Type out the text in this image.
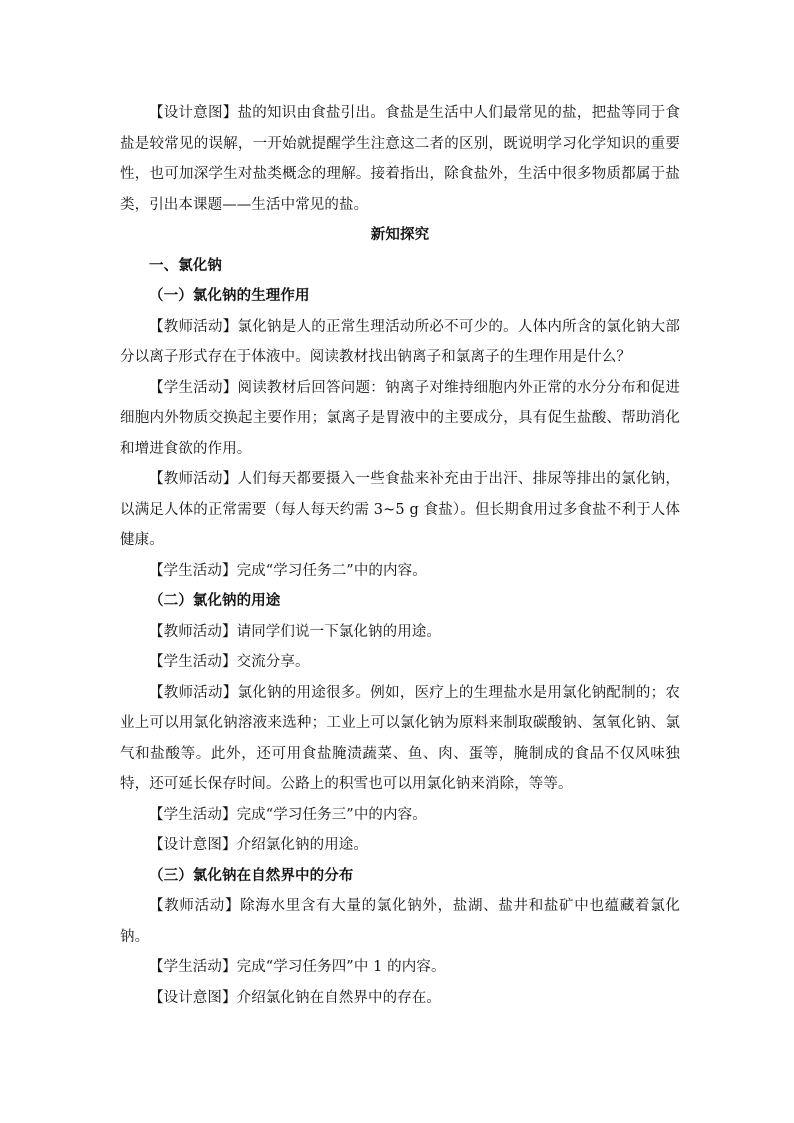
【设计意图】盐的知识由食盐引出。食盐是生活中人们最常见的盐，把盐等同于食盐是较常见的误解，一开始就提醒学生注意这二者的区别，既说明学习化学知识的重要性，也可加深学生对盐类概念的理解。接着指出，除食盐外，生活中很多物质都属于盐类，引出本课题——生活中常见的盐。

新知探究

一、氯化钠

（一）氯化钠的生理作用

【教师活动】氯化钠是人的正常生理活动所必不可少的。人体内所含的氯化钠大部分以离子形式存在于体液中。阅读教材找出钠离子和氯离子的生理作用是什么？

【学生活动】阅读教材后回答问题：钠离子对维持细胞内外正常的水分分布和促进细胞内外物质交换起主要作用；氯离子是胃液中的主要成分，具有促生盐酸、帮助消化和增进食欲的作用。

【教师活动】人们每天都要摄入一些食盐来补充由于出汗、排尿等排出的氯化钠，以满足人体的正常需要（每人每天约需 3~5 g 食盐）。但长期食用过多食盐不利于人体健康。

【学生活动】完成“学习任务二”中的内容。

（二）氯化钠的用途

【教师活动】请同学们说一下氯化钠的用途。

【学生活动】交流分享。

【教师活动】氯化钠的用途很多。例如，医疗上的生理盐水是用氯化钠配制的；农业上可以用氯化钠溶液来选种；工业上可以氯化钠为原料来制取碳酸钠、氢氧化钠、氯气和盐酸等。此外，还可用食盐腌渍蔬菜、鱼、肉、蛋等，腌制成的食品不仅风味独特，还可延长保存时间。公路上的积雪也可以用氯化钠来消除，等等。

【学生活动】完成“学习任务三”中的内容。

【设计意图】介绍氯化钠的用途。

（三）氯化钠在自然界中的分布

【教师活动】除海水里含有大量的氯化钠外，盐湖、盐井和盐矿中也蕴藏着氯化钠。

【学生活动】完成“学习任务四”中 1 的内容。

【设计意图】介绍氯化钠在自然界中的存在。
